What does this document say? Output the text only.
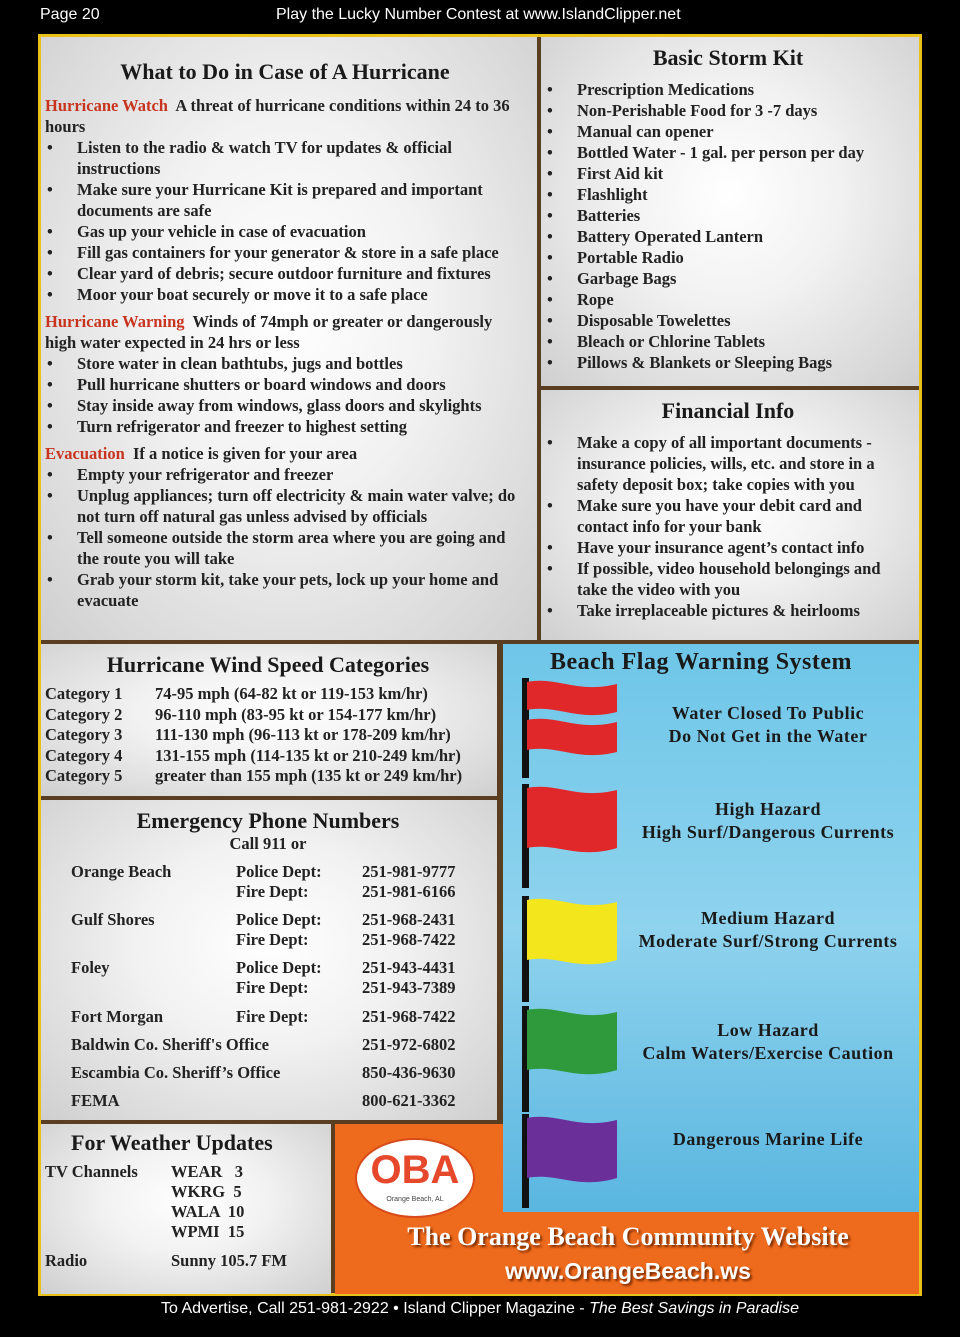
Page 20	Play the Lucky Number Contest at www.IslandClipper.net
What to Do in Case of A Hurricane
Hurricane Watch A threat of hurricane conditions within 24 to 36 hours
• Listen to the radio & watch TV for updates & official instructions
• Make sure your Hurricane Kit is prepared and important documents are safe
• Gas up your vehicle in case of evacuation
• Fill gas containers for your generator & store in a safe place
• Clear yard of debris; secure outdoor furniture and fixtures
• Moor your boat securely or move it to a safe place
Hurricane Warning Winds of 74mph or greater or dangerously high water expected in 24 hrs or less
• Store water in clean bathtubs, jugs and bottles
• Pull hurricane shutters or board windows and doors
• Stay inside away from windows, glass doors and skylights
• Turn refrigerator and freezer to highest setting
Evacuation If a notice is given for your area
• Empty your refrigerator and freezer
• Unplug appliances; turn off electricity & main water valve; do not turn off natural gas unless advised by officials
• Tell someone outside the storm area where you are going and the route you will take
• Grab your storm kit, take your pets, lock up your home and evacuate
Basic Storm Kit
• Prescription Medications
• Non-Perishable Food for 3 -7 days
• Manual can opener
• Bottled Water - 1 gal. per person per day
• First Aid kit
• Flashlight
• Batteries
• Battery Operated Lantern
• Portable Radio
• Garbage Bags
• Rope
• Disposable Towelettes
• Bleach or Chlorine Tablets
• Pillows & Blankets or Sleeping Bags
Financial Info
• Make a copy of all important documents - insurance policies, wills, etc. and store in a safety deposit box; take copies with you
• Make sure you have your debit card and contact info for your bank
• Have your insurance agent’s contact info
• If possible, video household belongings and take the video with you
• Take irreplaceable pictures & heirlooms
Hurricane Wind Speed Categories
Category 1	74-95 mph (64-82 kt or 119-153 km/hr)
Category 2	96-110 mph (83-95 kt or 154-177 km/hr)
Category 3	111-130 mph (96-113 kt or 178-209 km/hr)
Category 4	131-155 mph (114-135 kt or 210-249 km/hr)
Category 5	greater than 155 mph (135 kt or 249 km/hr)
Emergency Phone Numbers
Call 911 or
Orange Beach	Police Dept: 251-981-9777
Fire Dept:	251-981-6166
Gulf Shores	Police Dept: 251-968-2431
Fire Dept:	251-968-7422
Foley	Police Dept: 251-943-4431
Fire Dept:	251-943-7389
Fort Morgan	Fire Dept:	251-968-7422
Baldwin Co. Sheriff's Office	251-972-6802
Escambia Co. Sheriff’s Office	850-436-9630
FEMA	800-621-3362
For Weather Updates
TV Channels WEAR   3
WKRG  5
WALA  10
WPMI  15
Radio	Sunny 105.7 FM
OBA
Orange Beach, AL
The Orange Beach Community Website
www.OrangeBeach.ws
Beach Flag Warning System
Water Closed To Public
Do Not Get in the Water
High Hazard
High Surf/Dangerous Currents
Medium Hazard
Moderate Surf/Strong Currents
Low Hazard
Calm Waters/Exercise Caution
Dangerous Marine Life
To Advertise, Call 251-981-2922 • Island Clipper Magazine - The Best Savings in Paradise
